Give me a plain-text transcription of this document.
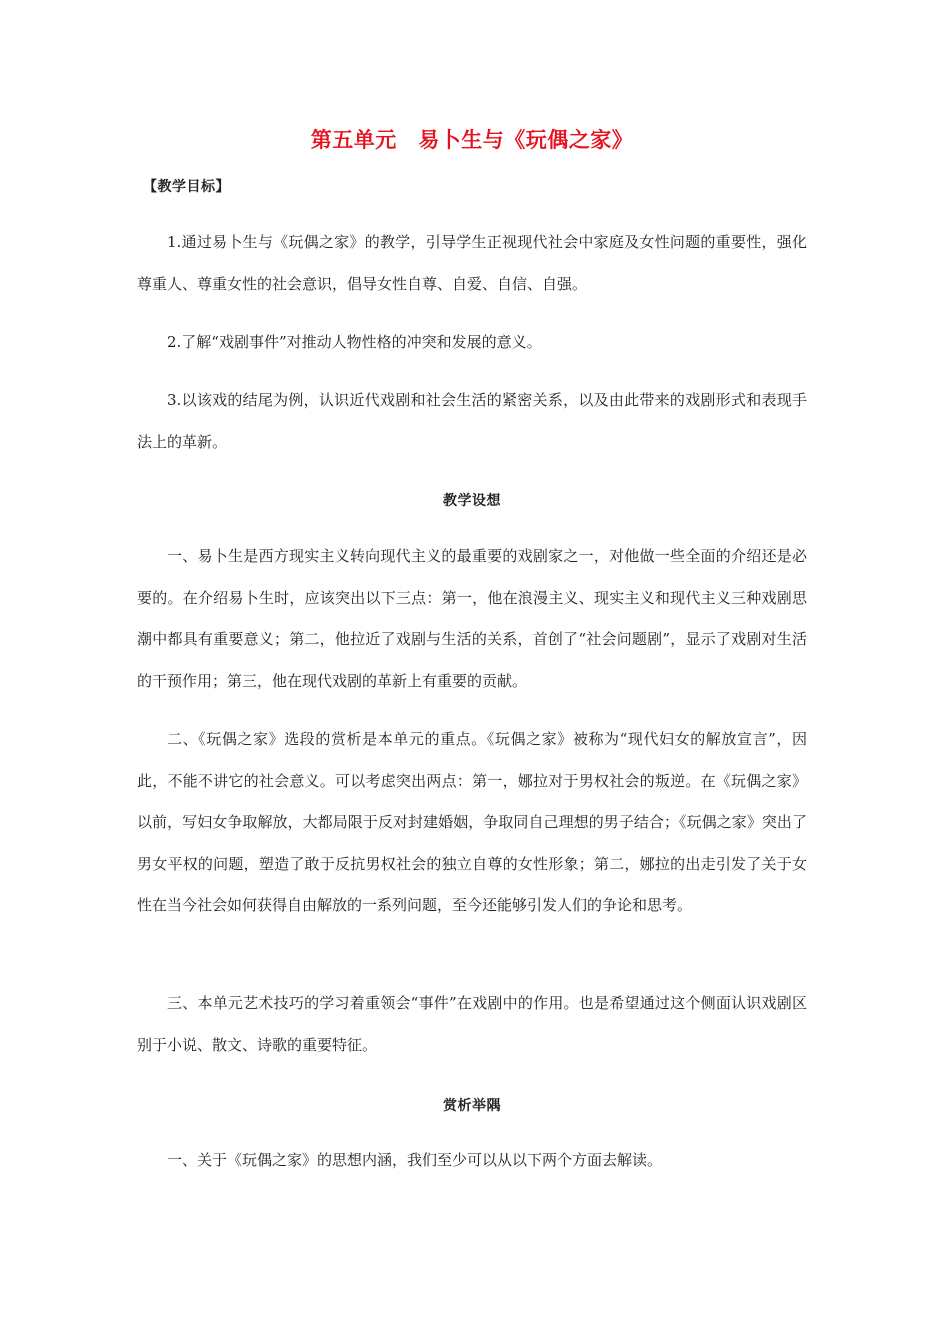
第五单元　易卜生与《玩偶之家》
【教学目标】

1.通过易卜生与《玩偶之家》的教学，引导学生正视现代社会中家庭及女性问题的重要性，强化尊重人、尊重女性的社会意识，倡导女性自尊、自爱、自信、自强。

2.了解“戏剧事件”对推动人物性格的冲突和发展的意义。

3.以该戏的结尾为例，认识近代戏剧和社会生活的紧密关系，以及由此带来的戏剧形式和表现手法上的革新。

教学设想

一、易卜生是西方现实主义转向现代主义的最重要的戏剧家之一，对他做一些全面的介绍还是必要的。在介绍易卜生时，应该突出以下三点：第一，他在浪漫主义、现实主义和现代主义三种戏剧思潮中都具有重要意义；第二，他拉近了戏剧与生活的关系，首创了“社会问题剧”，显示了戏剧对生活的干预作用；第三，他在现代戏剧的革新上有重要的贡献。

二、《玩偶之家》选段的赏析是本单元的重点。《玩偶之家》被称为“现代妇女的解放宣言”，因此，不能不讲它的社会意义。可以考虑突出两点：第一，娜拉对于男权社会的叛逆。在《玩偶之家》以前，写妇女争取解放，大都局限于反对封建婚姻，争取同自己理想的男子结合；《玩偶之家》突出了男女平权的问题，塑造了敢于反抗男权社会的独立自尊的女性形象；第二，娜拉的出走引发了关于女性在当今社会如何获得自由解放的一系列问题，至今还能够引发人们的争论和思考。

三、本单元艺术技巧的学习着重领会“事件”在戏剧中的作用。也是希望通过这个侧面认识戏剧区别于小说、散文、诗歌的重要特征。

赏析举隅

一、关于《玩偶之家》的思想内涵，我们至少可以从以下两个方面去解读。
